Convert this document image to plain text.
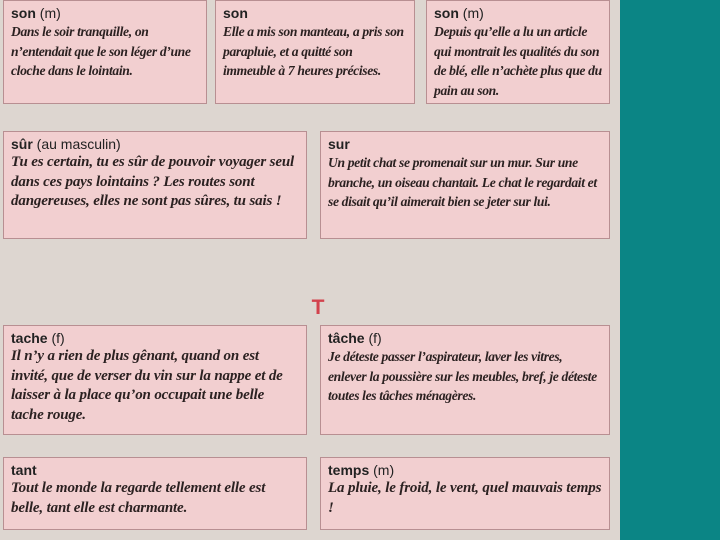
son (m)
Dans le soir tranquille, on n’entendait que le son léger d’une cloche dans le lointain.
son
Elle a mis son manteau, a pris son parapluie, et a quitté son immeuble à 7 heures précises.
son (m)
Depuis qu’elle a lu un article qui montrait les qualités du son de blé, elle n’achète plus que du pain au son.
sûr (au masculin)
Tu es certain, tu es sûr de pouvoir voyager seul dans ces pays lointains ? Les routes sont dangereuses, elles ne sont pas sûres, tu sais !
sur
Un petit chat se promenait sur un mur. Sur une branche, un oiseau chantait. Le chat le regardait et se disait qu’il aimerait bien se jeter sur lui.
T
tache (f)
Il n’y a rien de plus gênant, quand on est invité, que de verser du vin sur la nappe et de laisser à la place qu’on occupait une belle tache rouge.
tâche (f)
Je déteste passer l’aspirateur, laver les vitres, enlever la poussière sur les meubles, bref, je déteste toutes les tâches ménagères.
tant
Tout le monde la regarde tellement elle est belle, tant elle est charmante.
temps (m)
La pluie, le froid, le vent, quel mauvais temps !
